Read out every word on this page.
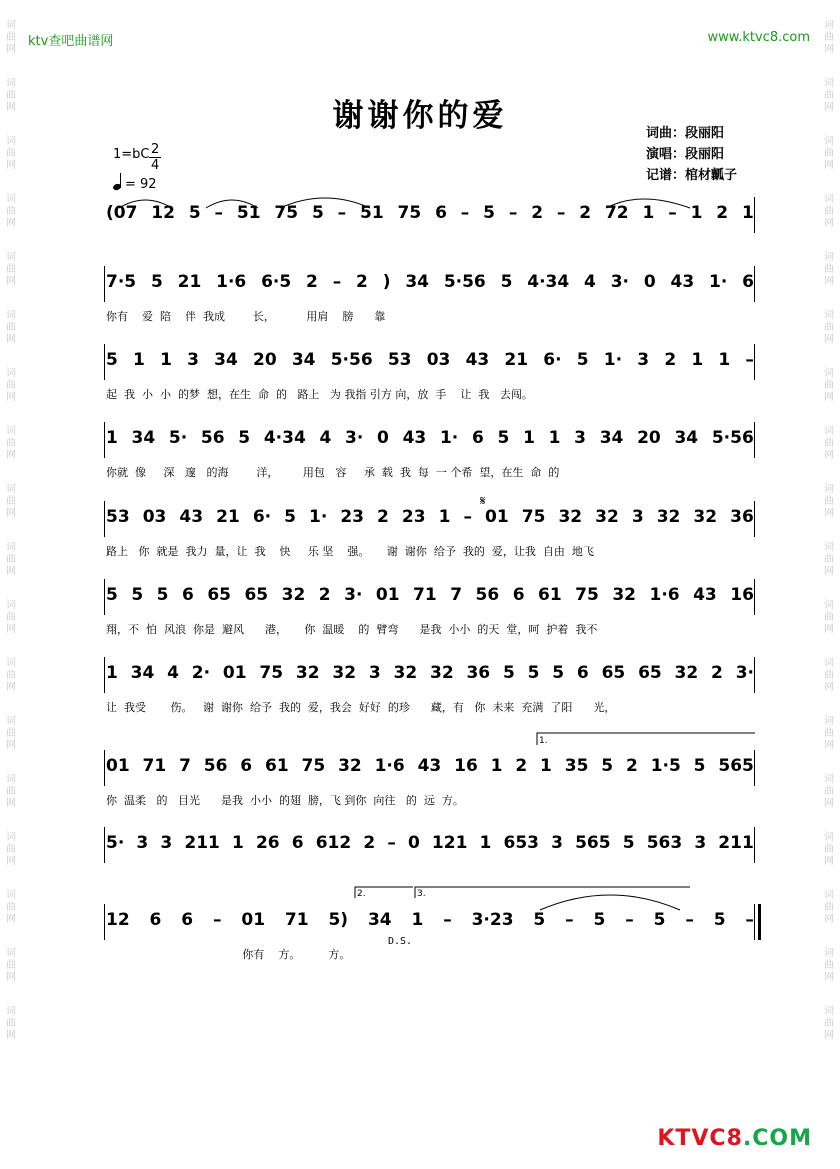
词曲网
词曲网
词曲网
词曲网
词曲网
词曲网
词曲网
词曲网
词曲网
词曲网
词曲网
词曲网
词曲网
词曲网
词曲网
词曲网
词曲网
词曲网
词曲网
词曲网
词曲网
词曲网
词曲网
词曲网
词曲网
词曲网
词曲网
词曲网
词曲网
词曲网
词曲网
词曲网
词曲网
词曲网
词曲网
词曲网
ktv查吧曲谱网	www.ktvc8.com
谢谢你的爱	词曲：段丽阳
演唱：段丽阳
记谱：棺材瓤子
1=bC 2
4
= 92
(07 12 5 – 51 75 5 – 51 75 6 – 5 – 2 – 2 72 1 – 1 2 1
7·5 5 21 1·6 6·5 2 – 2 ) 34 5·56 5 4·34 4 3· 0 43 1· 6
你有    爱  陪    伴  我成        长，         用肩    膀      靠
5 1 1 3 34 20 34 5·56 53 03 43 21 6· 5 1· 3 2 1 1 –
起  我  小  小  的梦  想，在生  命  的   路上   为 我指 引方 向，放  手    让  我   去闯。
1 34 5· 56 5 4·34 4 3· 0 43 1· 6 5 1 1 3 34 20 34 5·56
你就  像     深   邃   的海        洋，       用包   容     承  载  我  每  一 个希  望，在生  命  的
53 03 43 21 6· 5 1· 23 2 23 1 – 01 75 32 32 3 32 32 36
路上   你  就是  我力  量，让  我    快     乐 坚    强。     谢  谢你  给予  我的  爱，让我  自由  地飞
5 5 5 6 65 65 32 2 3· 01 71 7 56 6 61 75 32 1·6 43 16
翔，不  怕  风浪  你是  避风      港，     你  温暖    的  臂弯      是我  小小  的天  堂，呵  护着  我不
1 34 4 2· 01 75 32 32 3 32 32 36 5 5 5 6 65 65 32 2 3·
让  我受       伤。   谢  谢你  给予  我的  爱，我会  好好  的珍      藏，有   你  未来  充满  了阳      光，
01 71 7 56 6 61 75 32 1·6 43 16 1 2 1 35 5 2 1·5 5 565
你  温柔   的   目光      是我  小小  的翅  膀，飞 到你  向往   的  远  方。
5· 3 3 211 1 26 6 612 2 – 0 121 1 653 3 565 5 563 3 211
12 6 6 – 01 71 5) 34 1 – 3·23 5 – 5 – 5 – 5 –
你有    方。        方。
1.
2.	3.
𝄋
D.S.
KTVC8.COM
